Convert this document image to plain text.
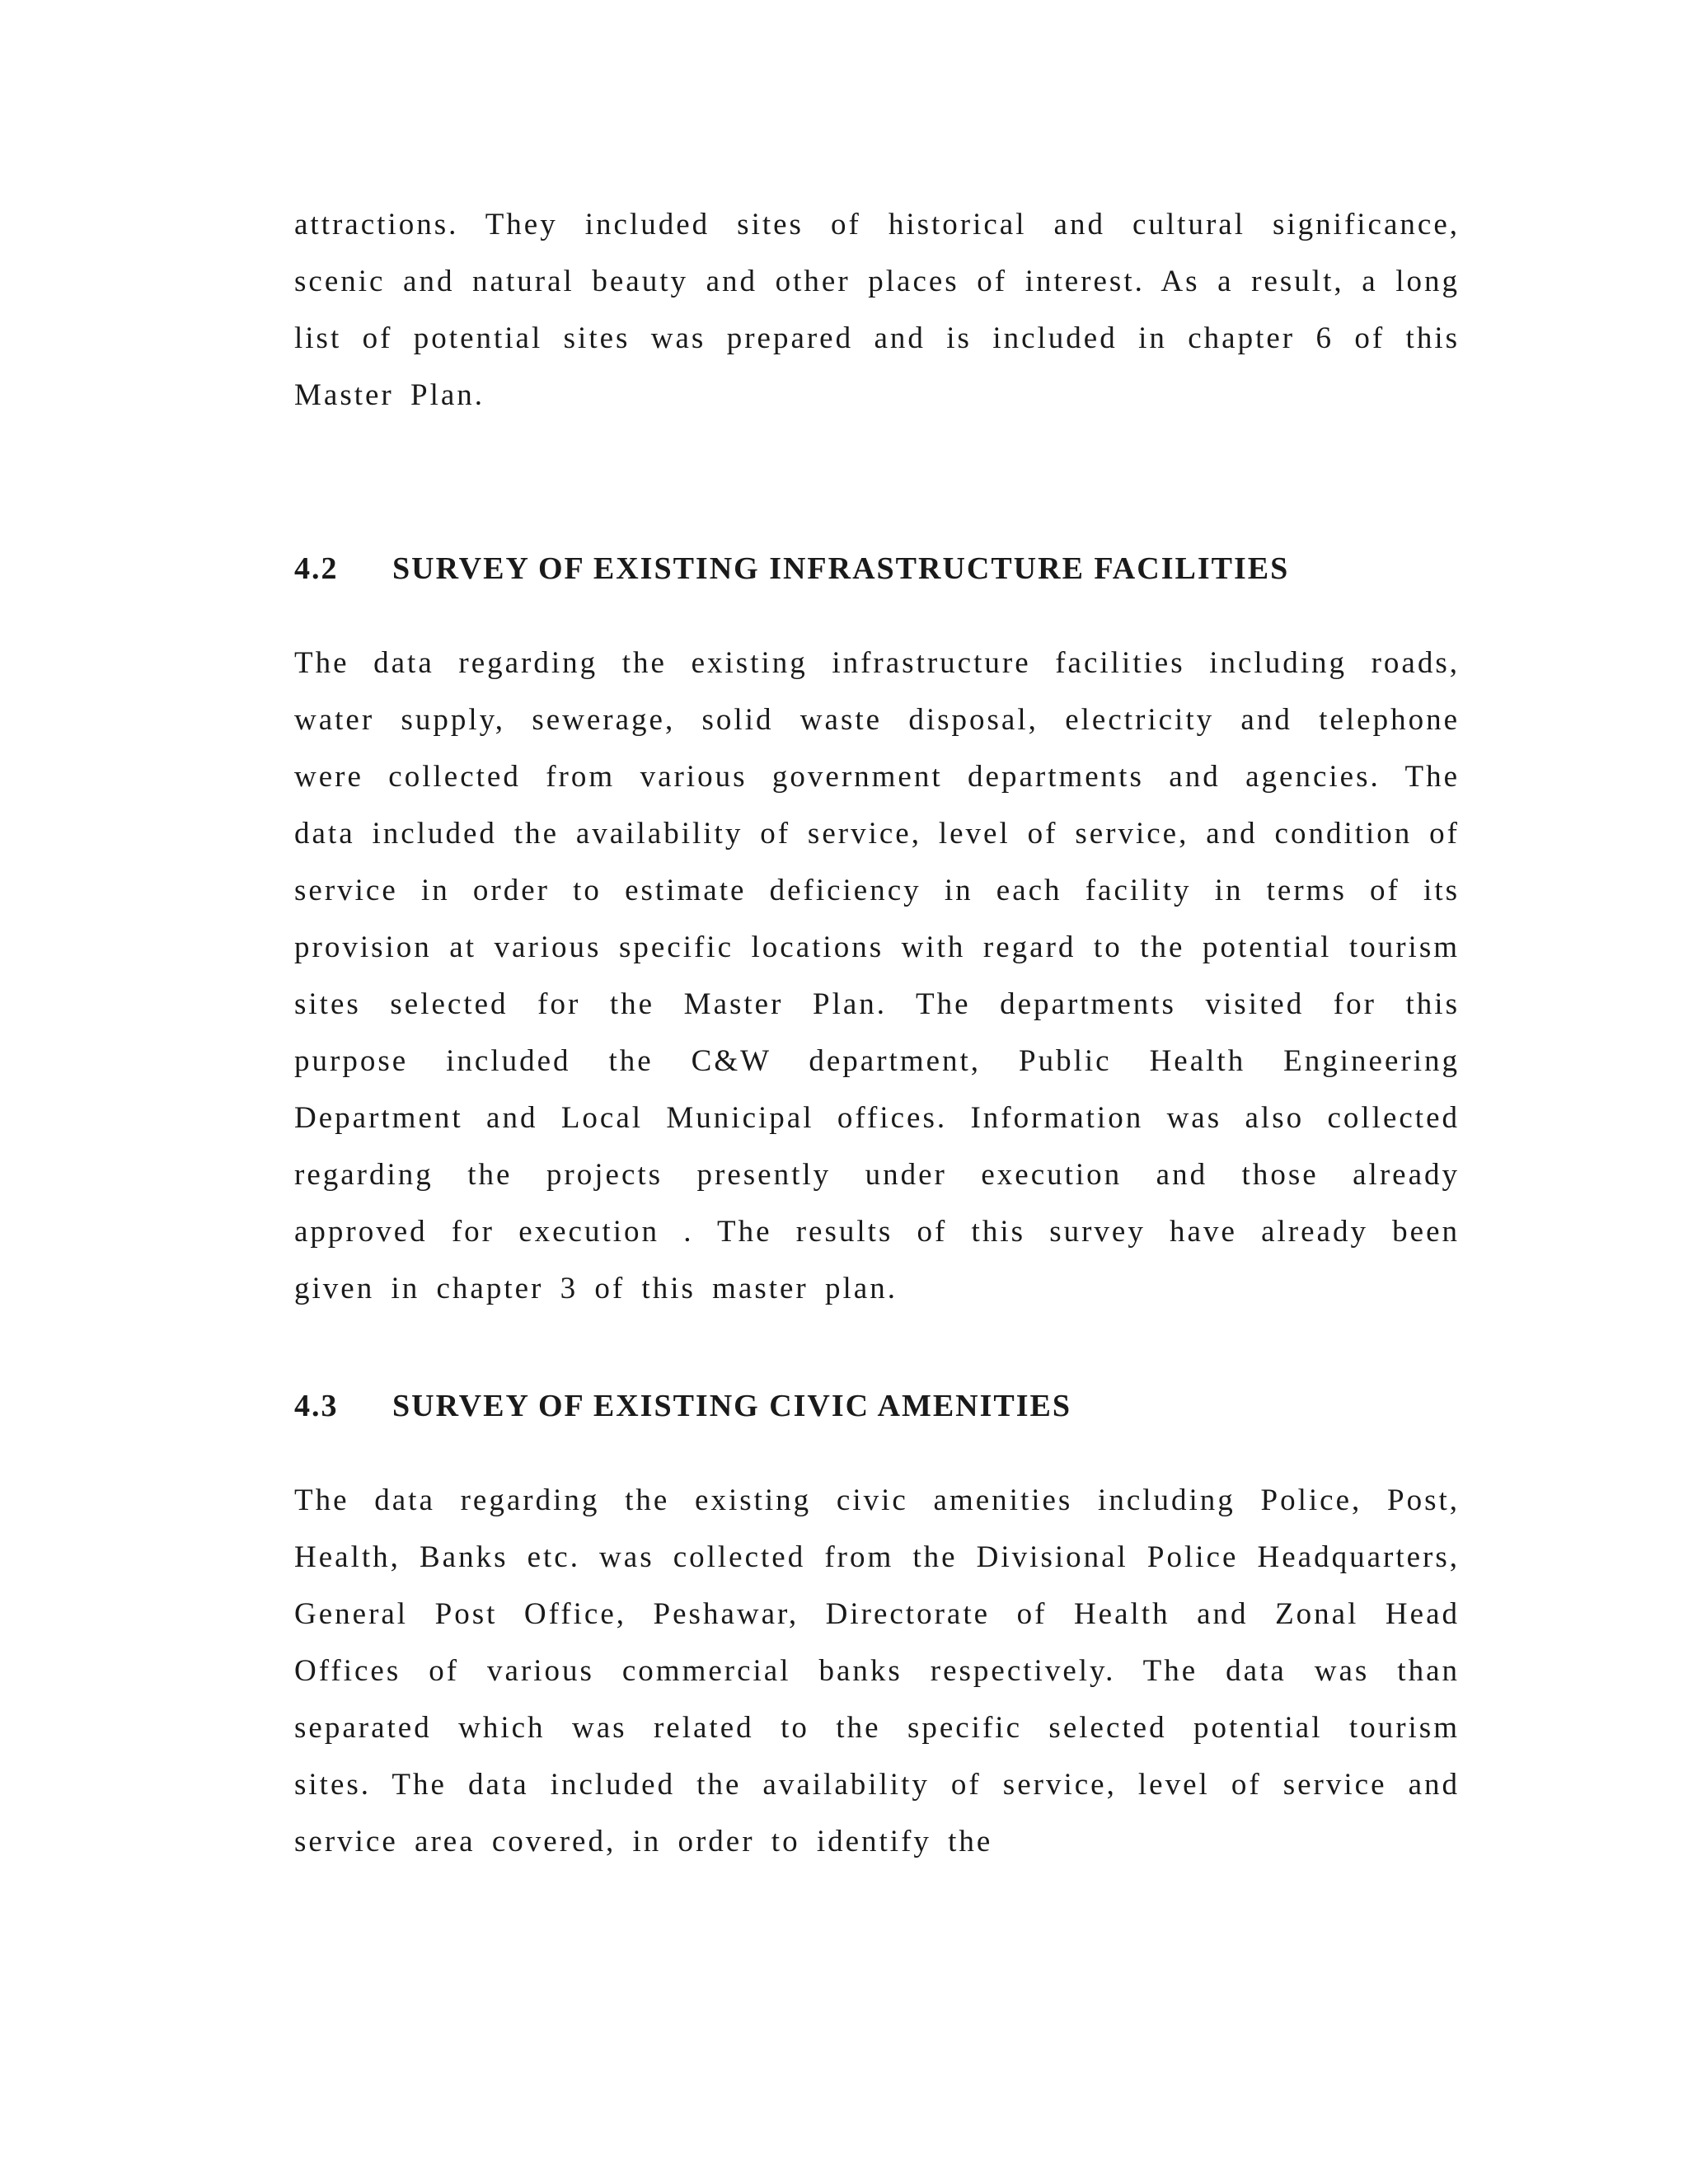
attractions. They included sites of historical and cultural significance, scenic and natural beauty and other places of interest. As a result, a long list of potential sites was prepared and is included in chapter 6 of this Master Plan.

4.2	SURVEY OF EXISTING INFRASTRUCTURE FACILITIES

The data regarding the existing infrastructure facilities including roads, water supply, sewerage, solid waste disposal, electricity and telephone were collected from various government departments and agencies. The data included the availability of service, level of service, and condition of service in order to estimate deficiency in each facility in terms of its provision at various specific locations with regard to the potential tourism sites selected for the Master Plan. The departments visited for this purpose included the C&W department, Public Health Engineering Department and Local Municipal offices. Information was also collected regarding the projects presently under execution and those already approved for execution . The results of this survey have already been given in chapter 3 of this master plan.

4.3	SURVEY OF EXISTING CIVIC AMENITIES

The data regarding the existing civic amenities including Police, Post, Health, Banks etc. was collected from the Divisional Police Headquarters, General Post Office, Peshawar, Directorate of Health and Zonal Head Offices of various commercial banks respectively. The data was than separated which was related to the specific selected potential tourism sites. The data included the availability of service, level of service and service area covered, in order to identify the
